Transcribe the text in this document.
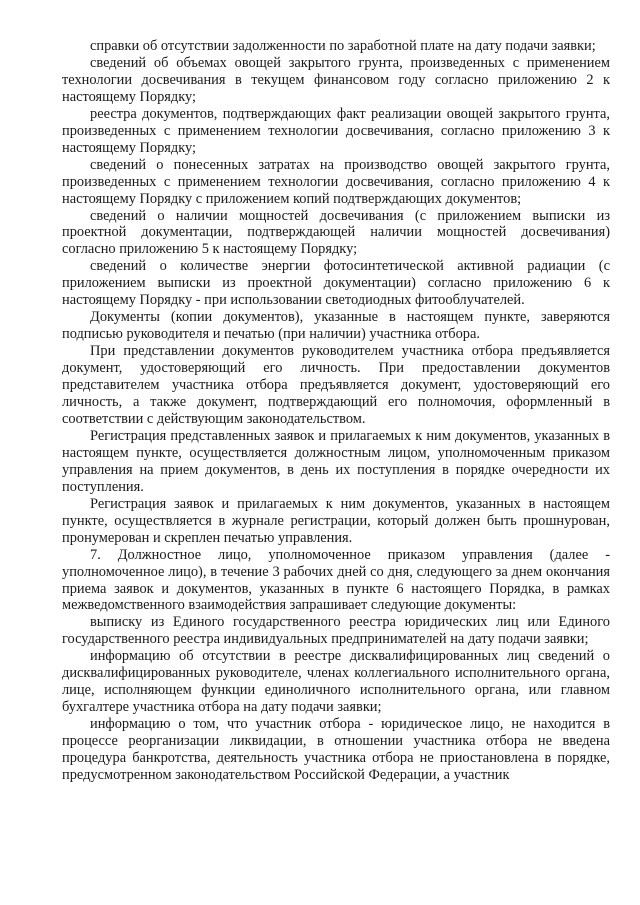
справки об отсутствии задолженности по заработной плате на дату подачи заявки;

сведений об объемах овощей закрытого грунта, произведенных с применением технологии досвечивания в текущем финансовом году согласно приложению 2 к настоящему Порядку;

реестра документов, подтверждающих факт реализации овощей закрытого грунта, произведенных с применением технологии досвечивания, согласно приложению 3 к настоящему Порядку;

сведений о понесенных затратах на производство овощей закрытого грунта, произведенных с применением технологии досвечивания, согласно приложению 4 к настоящему Порядку с приложением копий подтверждающих документов;

сведений о наличии мощностей досвечивания (с приложением выписки из проектной документации, подтверждающей наличии мощностей досвечивания) согласно приложению 5 к настоящему Порядку;

сведений о количестве энергии фотосинтетической активной радиации (с приложением выписки из проектной документации) согласно приложению 6 к настоящему Порядку - при использовании светодиодных фитооблучателей.

Документы (копии документов), указанные в настоящем пункте, заверяются подписью руководителя и печатью (при наличии) участника отбора.

При представлении документов руководителем участника отбора предъявляется документ, удостоверяющий его личность. При предоставлении документов представителем участника отбора предъявляется документ, удостоверяющий его личность, а также документ, подтверждающий его полномочия, оформленный в соответствии с действующим законодательством.

Регистрация представленных заявок и прилагаемых к ним документов, указанных в настоящем пункте, осуществляется должностным лицом, уполномоченным приказом управления на прием документов, в день их поступления в порядке очередности их поступления.

Регистрация заявок и прилагаемых к ним документов, указанных в настоящем пункте, осуществляется в журнале регистрации, который должен быть прошнурован, пронумерован и скреплен печатью управления.

7. Должностное лицо, уполномоченное приказом управления (далее - уполномоченное лицо), в течение 3 рабочих дней со дня, следующего за днем окончания приема заявок и документов, указанных в пункте 6 настоящего Порядка, в рамках межведомственного взаимодействия запрашивает следующие документы:

выписку из Единого государственного реестра юридических лиц или Единого государственного реестра индивидуальных предпринимателей на дату подачи заявки;

информацию об отсутствии в реестре дисквалифицированных лиц сведений о дисквалифицированных руководителе, членах коллегиального исполнительного органа, лице, исполняющем функции единоличного исполнительного органа, или главном бухгалтере участника отбора на дату подачи заявки;

информацию о том, что участник отбора - юридическое лицо, не находится в процессе реорганизации ликвидации, в отношении участника отбора не введена процедура банкротства, деятельность участника отбора не приостановлена в порядке, предусмотренном законодательством Российской Федерации, а участник
